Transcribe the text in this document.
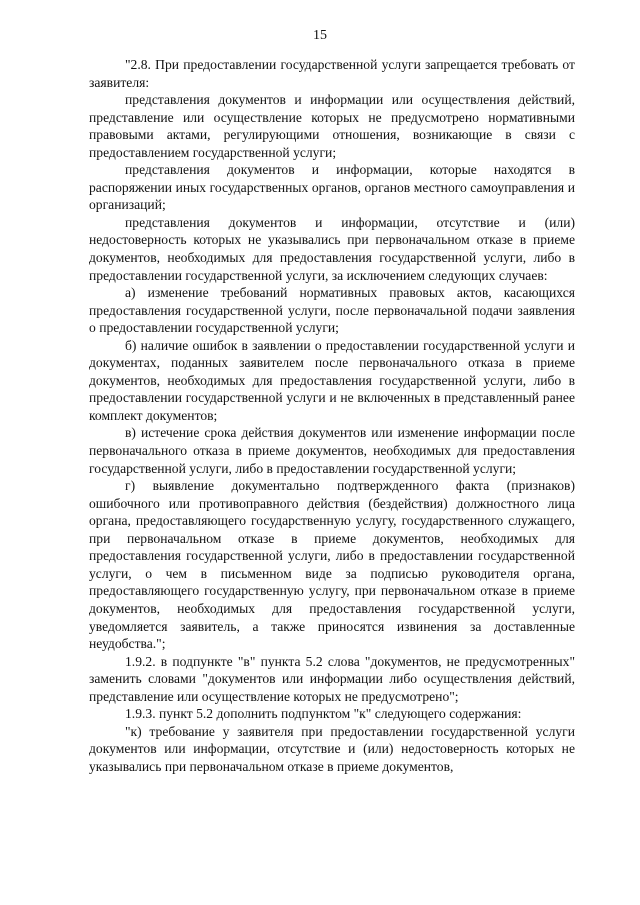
15

"2.8. При предоставлении государственной услуги запрещается требовать от заявителя:

представления документов и информации или осуществления действий, представление или осуществление которых не предусмотрено нормативными правовыми актами, регулирующими отношения, возникающие в связи с предоставлением государственной услуги;

представления документов и информации, которые находятся в распоряжении иных государственных органов, органов местного самоуправления и организаций;

представления документов и информации, отсутствие и (или) недостоверность которых не указывались при первоначальном отказе в приеме документов, необходимых для предоставления государственной услуги, либо в предоставлении государственной услуги, за исключением следующих случаев:

а) изменение требований нормативных правовых актов, касающихся предоставления государственной услуги, после первоначальной подачи заявления о предоставлении государственной услуги;

б) наличие ошибок в заявлении о предоставлении государственной услуги и документах, поданных заявителем после первоначального отказа в приеме документов, необходимых для предоставления государственной услуги, либо в предоставлении государственной услуги и не включенных в представленный ранее комплект документов;

в) истечение срока действия документов или изменение информации после первоначального отказа в приеме документов, необходимых для предоставления государственной услуги, либо в предоставлении государственной услуги;

г) выявление документально подтвержденного факта (признаков) ошибочного или противоправного действия (бездействия) должностного лица органа, предоставляющего государственную услугу, государственного служащего, при первоначальном отказе в приеме документов, необходимых для предоставления государственной услуги, либо в предоставлении государственной услуги, о чем в письменном виде за подписью руководителя органа, предоставляющего государственную услугу, при первоначальном отказе в приеме документов, необходимых для предоставления государственной услуги, уведомляется заявитель, а также приносятся извинения за доставленные неудобства.";

1.9.2. в подпункте "в" пункта 5.2 слова "документов, не предусмотренных" заменить словами "документов или информации либо осуществления действий, представление или осуществление которых не предусмотрено";

1.9.3. пункт 5.2 дополнить подпунктом "к" следующего содержания:

"к) требование у заявителя при предоставлении государственной услуги документов или информации, отсутствие и (или) недостоверность которых не указывались при первоначальном отказе в приеме документов,
